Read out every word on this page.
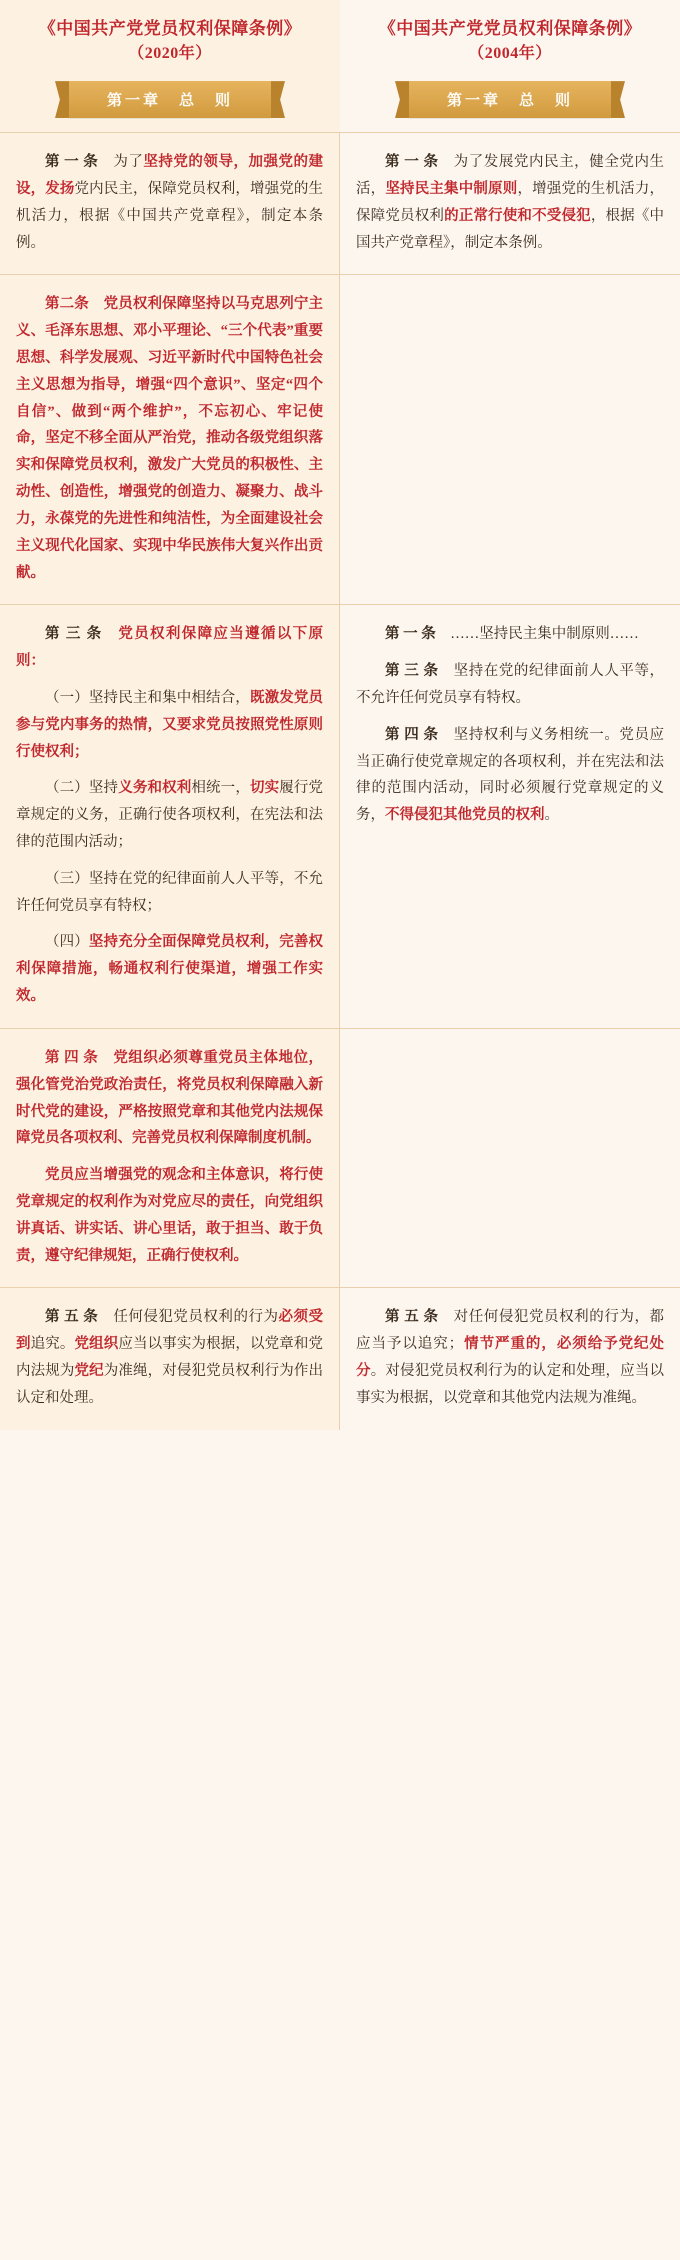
《中国共产党党员权利保障条例》
（2020年）
《中国共产党党员权利保障条例》
（2004年）
第一章　总　则	第一章　总　则

第 一 条　为了坚持党的领导，加强党的建设，发扬党内民主，保障党员权利，增强党的生机活力，根据《中国共产党章程》，制定本条例。

第 一 条　为了发展党内民主，健全党内生活，坚持民主集中制原则，增强党的生机活力，保障党员权利的正常行使和不受侵犯，根据《中国共产党章程》，制定本条例。

第二条　党员权利保障坚持以马克思列宁主义、毛泽东思想、邓小平理论、“三个代表”重要思想、科学发展观、习近平新时代中国特色社会主义思想为指导，增强“四个意识”、坚定“四个自信”、做到“两个维护”，不忘初心、牢记使命，坚定不移全面从严治党，推动各级党组织落实和保障党员权利，激发广大党员的积极性、主动性、创造性，增强党的创造力、凝聚力、战斗力，永葆党的先进性和纯洁性，为全面建设社会主义现代化国家、实现中华民族伟大复兴作出贡献。

第 三 条　党员权利保障应当遵循以下原则：

（一）坚持民主和集中相结合，既激发党员参与党内事务的热情，又要求党员按照党性原则行使权利；

（二）坚持义务和权利相统一，切实履行党章规定的义务，正确行使各项权利，在宪法和法律的范围内活动；

（三）坚持在党的纪律面前人人平等，不允许任何党员享有特权；

（四）坚持充分全面保障党员权利，完善权利保障措施，畅通权利行使渠道，增强工作实效。

第 一 条　……坚持民主集中制原则……

第 三 条　坚持在党的纪律面前人人平等，不允许任何党员享有特权。

第 四 条　坚持权利与义务相统一。党员应当正确行使党章规定的各项权利，并在宪法和法律的范围内活动，同时必须履行党章规定的义务，不得侵犯其他党员的权利。

第 四 条　党组织必须尊重党员主体地位，强化管党治党政治责任，将党员权利保障融入新时代党的建设，严格按照党章和其他党内法规保障党员各项权利、完善党员权利保障制度机制。

党员应当增强党的观念和主体意识，将行使党章规定的权利作为对党应尽的责任，向党组织讲真话、讲实话、讲心里话，敢于担当、敢于负责，遵守纪律规矩，正确行使权利。

第 五 条　任何侵犯党员权利的行为必须受到追究。党组织应当以事实为根据，以党章和党内法规为党纪为准绳，对侵犯党员权利行为作出认定和处理。

第 五 条　对任何侵犯党员权利的行为，都应当予以追究；情节严重的，必须给予党纪处分。对侵犯党员权利行为的认定和处理，应当以事实为根据，以党章和其他党内法规为准绳。
